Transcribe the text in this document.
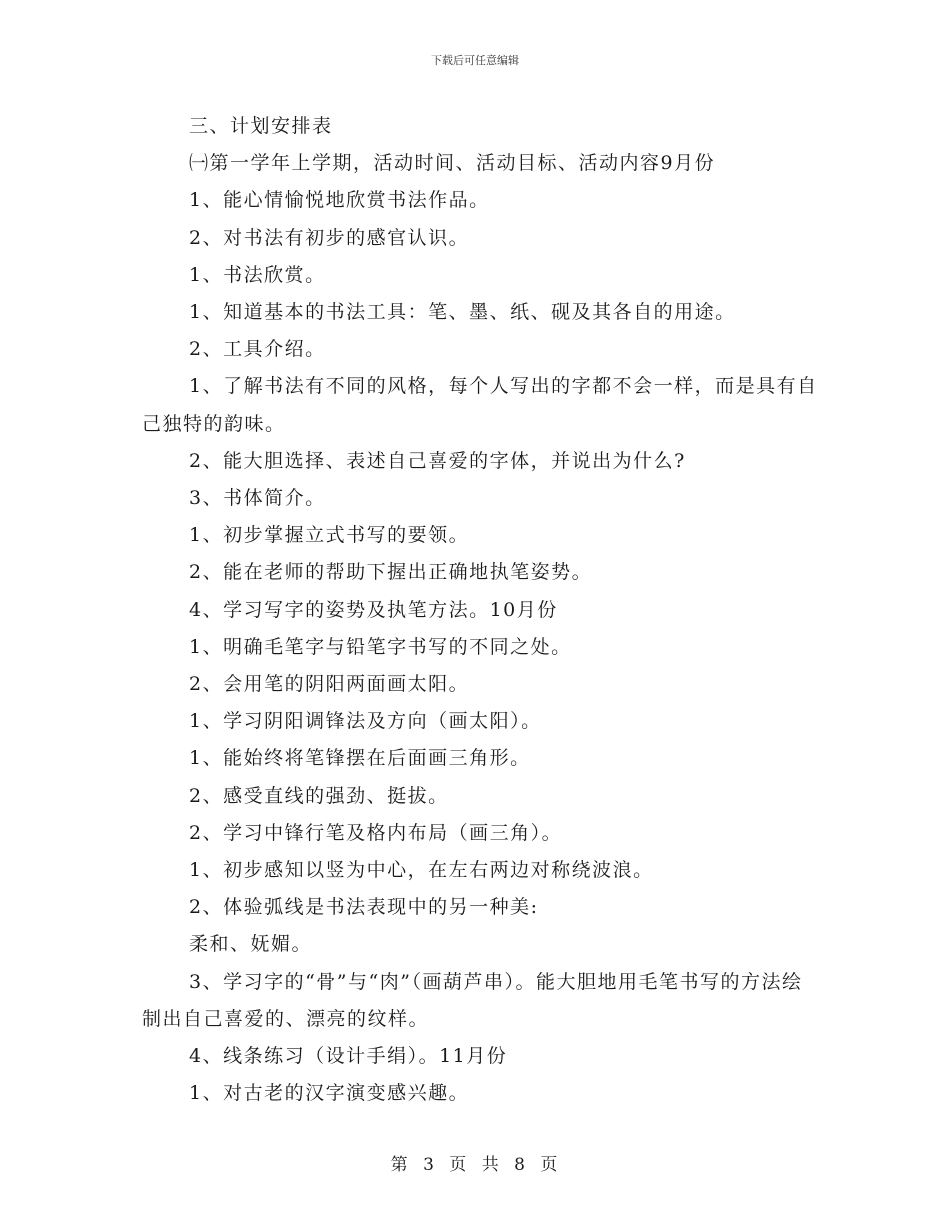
下载后可任意编辑

三、计划安排表

㈠第一学年上学期，活动时间、活动目标、活动内容9月份

1、能心情愉悦地欣赏书法作品。

2、对书法有初步的感官认识。

1、书法欣赏。

1、知道基本的书法工具：笔、墨、纸、砚及其各自的用途。

2、工具介绍。

1、了解书法有不同的风格，每个人写出的字都不会一样，而是具有自己独特的韵味。

2、能大胆选择、表述自己喜爱的字体，并说出为什么?

3、书体简介。

1、初步掌握立式书写的要领。

2、能在老师的帮助下握出正确地执笔姿势。

4、学习写字的姿势及执笔方法。10月份

1、明确毛笔字与铅笔字书写的不同之处。

2、会用笔的阴阳两面画太阳。

1、学习阴阳调锋法及方向（画太阳）。

1、能始终将笔锋摆在后面画三角形。

2、感受直线的强劲、挺拔。

2、学习中锋行笔及格内布局（画三角）。

1、初步感知以竖为中心，在左右两边对称绕波浪。

2、体验弧线是书法表现中的另一种美:

柔和、妩媚。

3、学习字的“骨”与“肉”（画葫芦串）。能大胆地用毛笔书写的方法绘制出自己喜爱的、漂亮的纹样。

4、线条练习（设计手绢）。11月份

1、对古老的汉字演变感兴趣。

第 3 页 共 8 页
